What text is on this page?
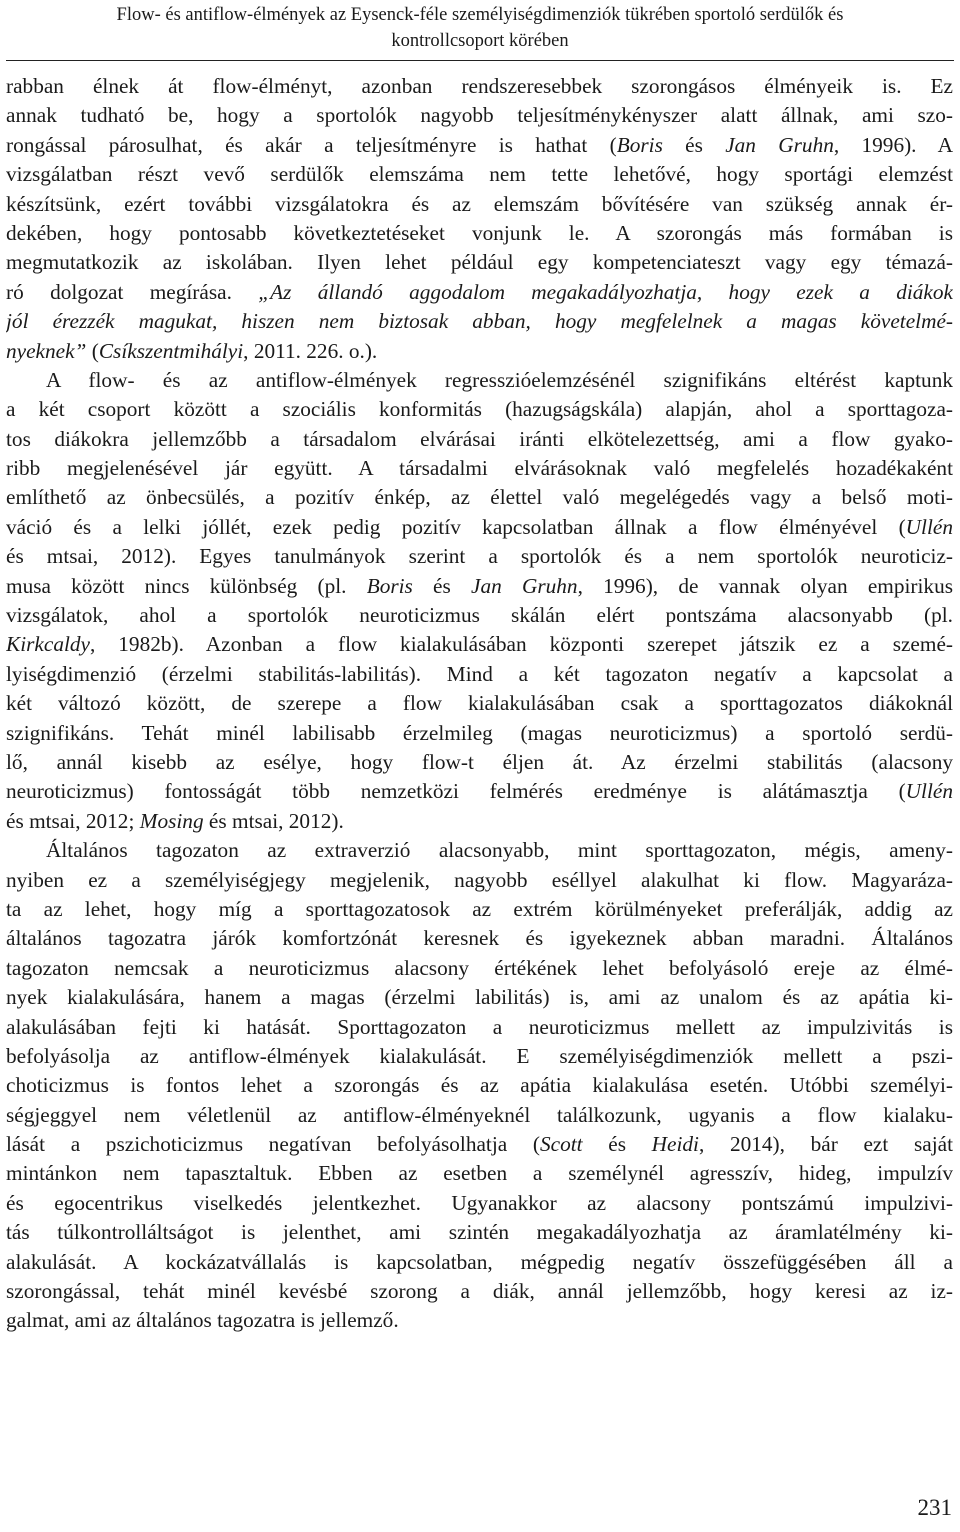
Flow- és antiflow-élmények az Eysenck-féle személyiségdimenziók tükrében sportoló serdülők és
kontrollcsoport körében
rabban élnek át flow-élményt, azonban rendszeresebbek szorongásos élményeik is. Ez
annak tudható be, hogy a sportolók nagyobb teljesítménykényszer alatt állnak, ami szo-
rongással párosulhat, és akár a teljesítményre is hathat (Boris és Jan Gruhn, 1996). A
vizsgálatban részt vevő serdülők elemszáma nem tette lehetővé, hogy sportági elemzést
készítsünk, ezért további vizsgálatokra és az elemszám bővítésére van szükség annak ér-
dekében, hogy pontosabb következtetéseket vonjunk le. A szorongás más formában is
megmutatkozik az iskolában. Ilyen lehet például egy kompetenciateszt vagy egy témazá-
ró dolgozat megírása. „Az állandó aggodalom megakadályozhatja, hogy ezek a diákok
jól érezzék magukat, hiszen nem biztosak abban, hogy megfelelnek a magas követelmé-
nyeknek” (Csíkszentmihályi, 2011. 226. o.).
A flow- és az antiflow-élmények regresszióelemzésénél szignifikáns eltérést kaptunk
a két csoport között a szociális konformitás (hazugságskála) alapján, ahol a sporttagoza-
tos diákokra jellemzőbb a társadalom elvárásai iránti elkötelezettség, ami a flow gyako-
ribb megjelenésével jár együtt. A társadalmi elvárásoknak való megfelelés hozadékaként
említhető az önbecsülés, a pozitív énkép, az élettel való megelégedés vagy a belső moti-
váció és a lelki jóllét, ezek pedig pozitív kapcsolatban állnak a flow élményével (Ullén
és mtsai, 2012). Egyes tanulmányok szerint a sportolók és a nem sportolók neuroticiz-
musa között nincs különbség (pl. Boris és Jan Gruhn, 1996), de vannak olyan empirikus
vizsgálatok, ahol a sportolók neuroticizmus skálán elért pontszáma alacsonyabb (pl.
Kirkcaldy, 1982b). Azonban a flow kialakulásában központi szerepet játszik ez a szemé-
lyiségdimenzió (érzelmi stabilitás-labilitás). Mind a két tagozaton negatív a kapcsolat a
két változó között, de szerepe a flow kialakulásában csak a sporttagozatos diákoknál
szignifikáns. Tehát minél labilisabb érzelmileg (magas neuroticizmus) a sportoló serdü-
lő, annál kisebb az esélye, hogy flow-t éljen át. Az érzelmi stabilitás (alacsony
neuroticizmus) fontosságát több nemzetközi felmérés eredménye is alátámasztja (Ullén
és mtsai, 2012; Mosing és mtsai, 2012).
Általános tagozaton az extraverzió alacsonyabb, mint sporttagozaton, mégis, ameny-
nyiben ez a személyiségjegy megjelenik, nagyobb eséllyel alakulhat ki flow. Magyaráza-
ta az lehet, hogy míg a sporttagozatosok az extrém körülményeket preferálják, addig az
általános tagozatra járók komfortzónát keresnek és igyekeznek abban maradni. Általános
tagozaton nemcsak a neuroticizmus alacsony értékének lehet befolyásoló ereje az élmé-
nyek kialakulására, hanem a magas (érzelmi labilitás) is, ami az unalom és az apátia ki-
alakulásában fejti ki hatását. Sporttagozaton a neuroticizmus mellett az impulzivitás is
befolyásolja az antiflow-élmények kialakulását. E személyiségdimenziók mellett a pszi-
choticizmus is fontos lehet a szorongás és az apátia kialakulása esetén. Utóbbi személyi-
ségjeggyel nem véletlenül az antiflow-élményeknél találkozunk, ugyanis a flow kialaku-
lását a pszichoticizmus negatívan befolyásolhatja (Scott és Heidi, 2014), bár ezt saját
mintánkon nem tapasztaltuk. Ebben az esetben a személynél agresszív, hideg, impulzív
és egocentrikus viselkedés jelentkezhet. Ugyanakkor az alacsony pontszámú impulzivi-
tás túlkontrolláltságot is jelenthet, ami szintén megakadályozhatja az áramlatélmény ki-
alakulását. A kockázatvállalás is kapcsolatban, mégpedig negatív összefüggésében áll a
szorongással, tehát minél kevésbé szorong a diák, annál jellemzőbb, hogy keresi az iz-
galmat, ami az általános tagozatra is jellemző.
231
